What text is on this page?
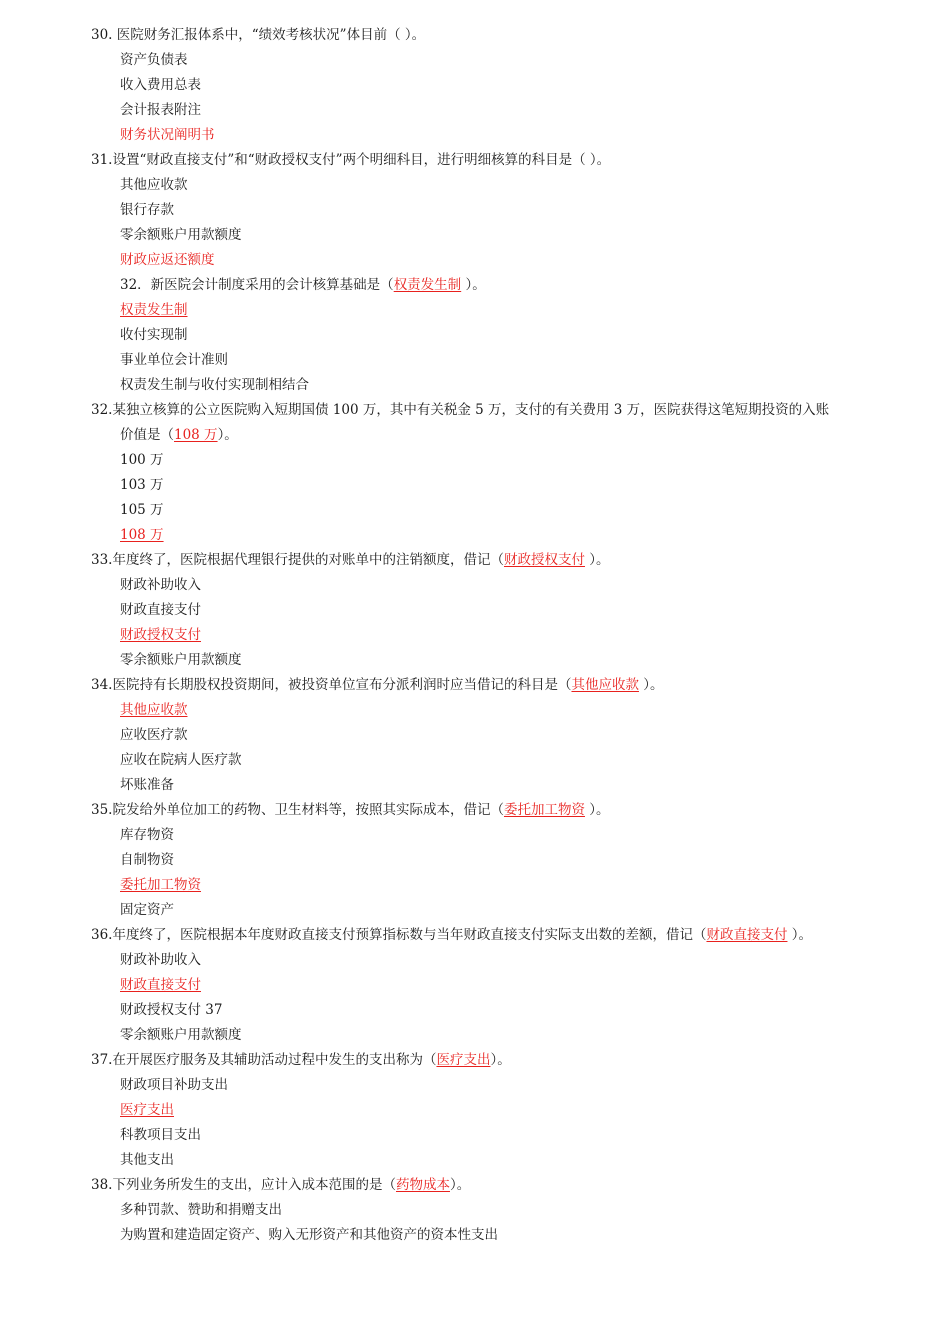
30. 医院财务汇报体系中，“绩效考核状况”体目前（ ）。
资产负债表
收入费用总表
会计报表附注
财务状况阐明书
31.设置“财政直接支付”和“财政授权支付”两个明细科目，进行明细核算的科目是（ ）。
其他应收款
银行存款
零余额账户用款额度
财政应返还额度
32．新医院会计制度采用的会计核算基础是（权责发生制 ）。
权责发生制
收付实现制
事业单位会计准则
权责发生制与收付实现制相结合
32.某独立核算的公立医院购入短期国债 100 万，其中有关税金 5 万，支付的有关费用 3 万，医院获得这笔短期投资的入账
价值是（108 万）。
100 万
103 万
105 万
108 万
33.年度终了，医院根据代理银行提供的对账单中的注销额度，借记（财政授权支付 ）。
财政补助收入
财政直接支付
财政授权支付
零余额账户用款额度
34.医院持有长期股权投资期间，被投资单位宣布分派利润时应当借记的科目是（其他应收款 ）。
其他应收款
应收医疗款
应收在院病人医疗款
坏账准备
35.院发给外单位加工的药物、卫生材料等，按照其实际成本，借记（委托加工物资 ）。
库存物资
自制物资
委托加工物资
固定资产
36.年度终了，医院根据本年度财政直接支付预算指标数与当年财政直接支付实际支出数的差额，借记（财政直接支付 ）。
财政补助收入
财政直接支付
财政授权支付 37
零余额账户用款额度
37.在开展医疗服务及其辅助活动过程中发生的支出称为（医疗支出）。
财政项目补助支出
医疗支出
科教项目支出
其他支出
38.下列业务所发生的支出，应计入成本范围的是（药物成本）。
多种罚款、赞助和捐赠支出
为购置和建造固定资产、购入无形资产和其他资产的资本性支出
